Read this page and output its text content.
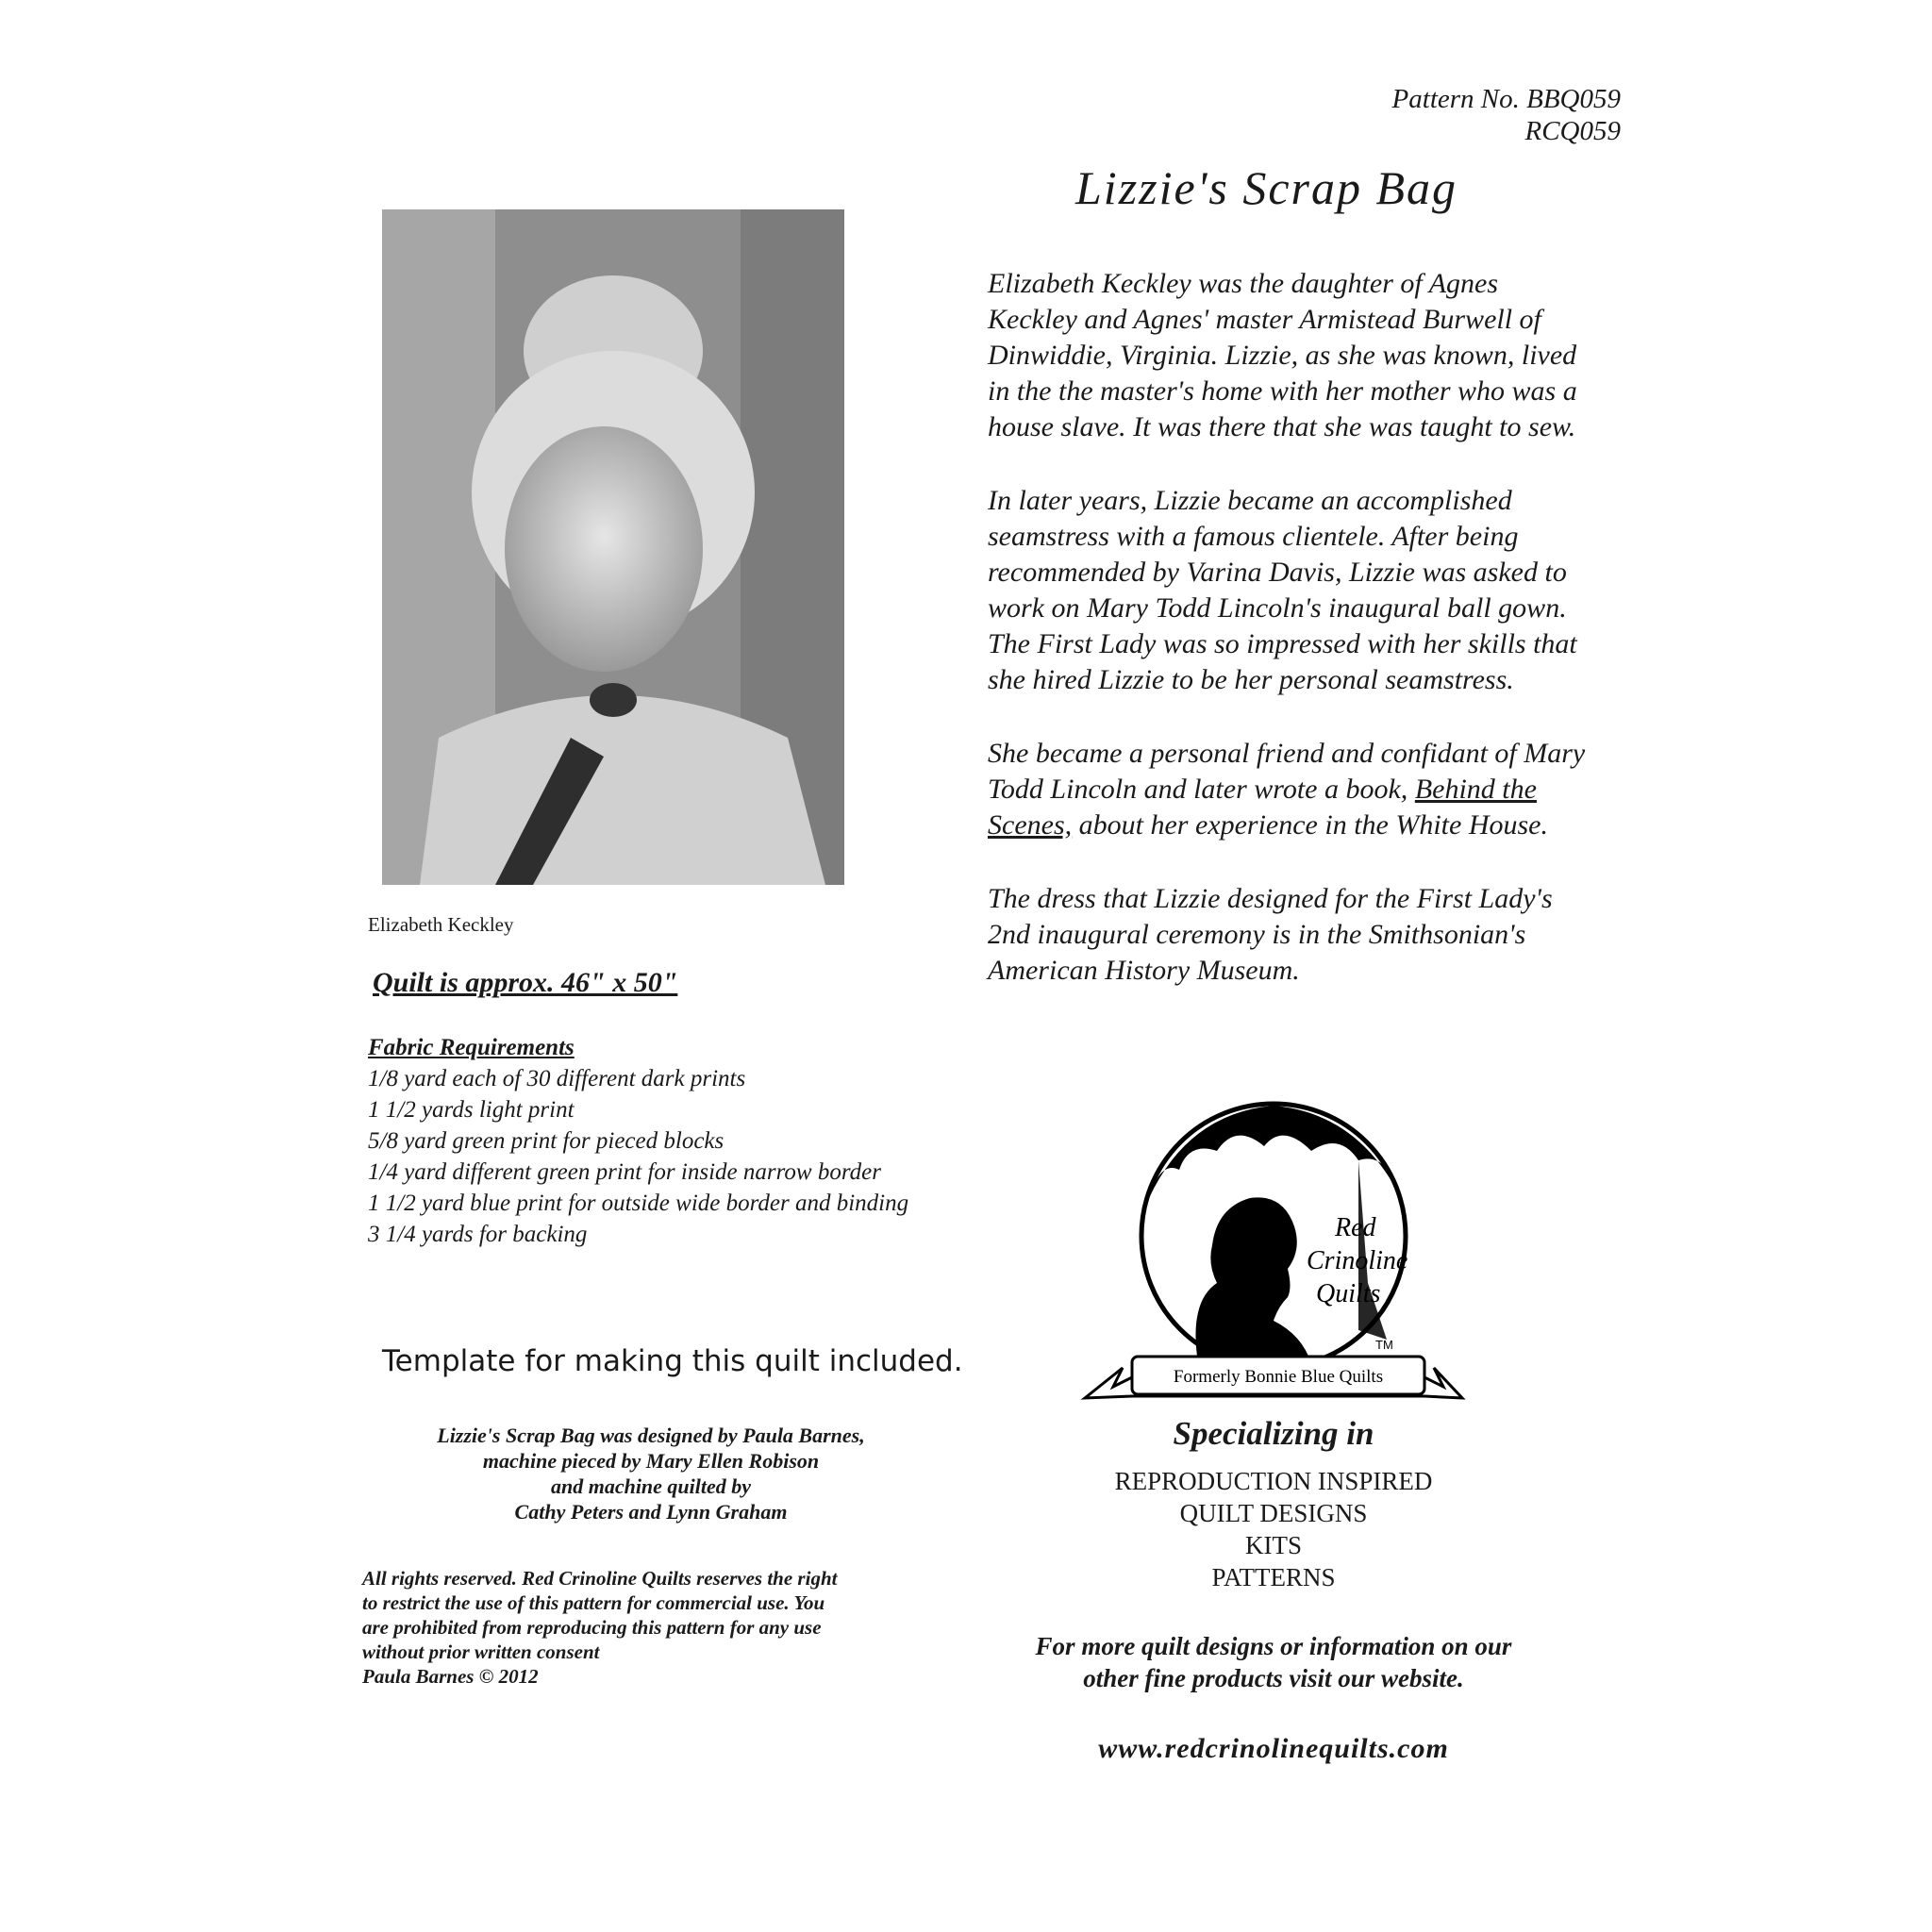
Pattern No. BBQ059
RCQ059
Lizzie's Scrap Bag
Elizabeth Keckley

Elizabeth Keckley was the daughter of Agnes Keckley and Agnes' master Armistead Burwell of Dinwiddie, Virginia. Lizzie, as she was known, lived in the the master's home with her mother who was a house slave. It was there that she was taught to sew.

In later years, Lizzie became an accomplished seamstress with a famous clientele. After being recommended by Varina Davis, Lizzie was asked to work on Mary Todd Lincoln's inaugural ball gown. The First Lady was so impressed with her skills that she hired Lizzie to be her personal seamstress.

She became a personal friend and confidant of Mary Todd Lincoln and later wrote a book, Behind the Scenes, about her experience in the White House.

The dress that Lizzie designed for the First Lady's 2nd inaugural ceremony is in the Smithsonian's American History Museum.

Quilt is approx. 46" x 50"
Fabric Requirements
1/8 yard each of 30 different dark prints
1 1/2 yards light print
5/8 yard green print for pieced blocks
1/4 yard different green print for inside narrow border
1 1/2 yard blue print for outside wide border and binding
3 1/4 yards for backing
Template for making this quilt included.
Lizzie's Scrap Bag was designed by Paula Barnes,
machine pieced by Mary Ellen Robison
and machine quilted by
Cathy Peters and Lynn Graham
All rights reserved. Red Crinoline Quilts reserves the right
to restrict the use of this pattern for commercial use. You
are prohibited from reproducing this pattern for any use
without prior written consent
Paula Barnes © 2012
Red
Crinoline
Quilts
TM
Formerly Bonnie Blue Quilts
Specializing in
REPRODUCTION INSPIRED
QUILT DESIGNS
KITS
PATTERNS
For more quilt designs or information on our
other fine products visit our website.
www.redcrinolinequilts.com
